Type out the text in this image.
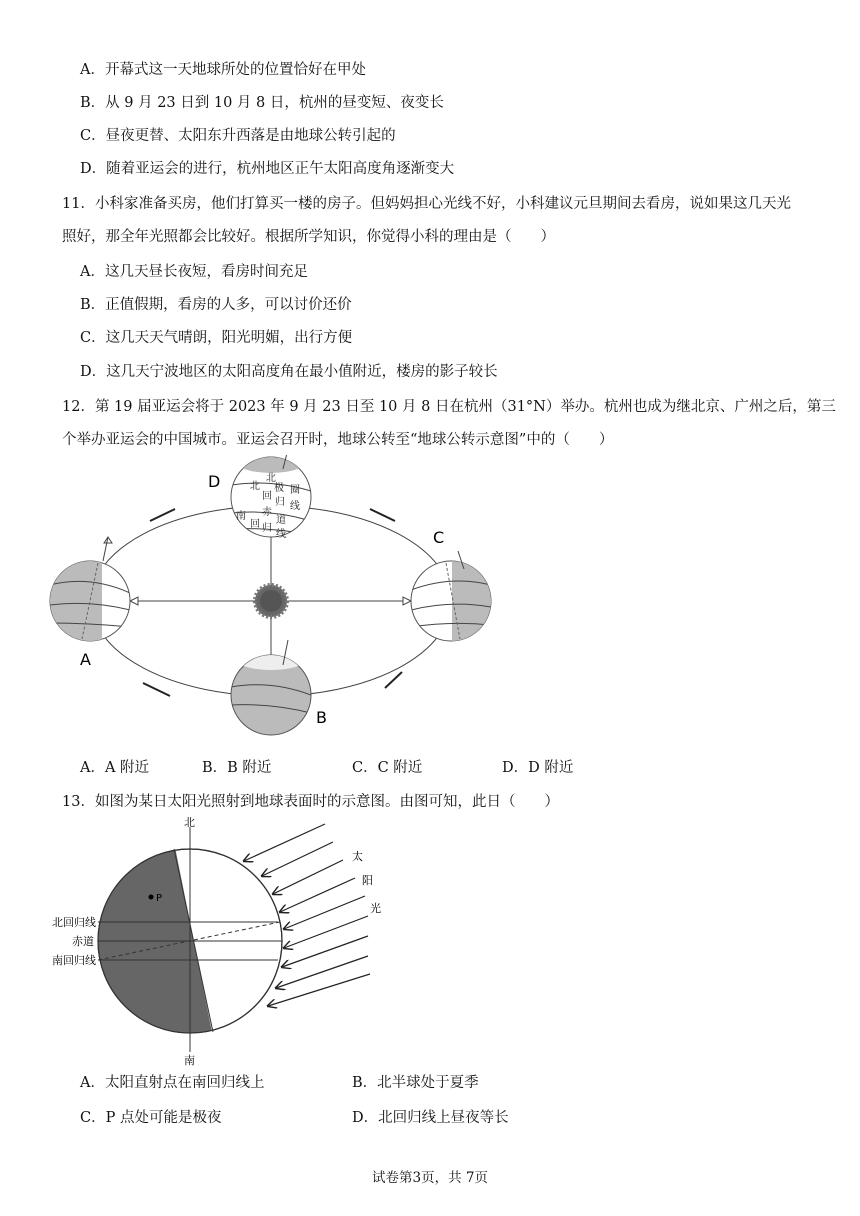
A．开幕式这一天地球所处的位置恰好在甲处
B．从 9 月 23 日到 10 月 8 日，杭州的昼变短、夜变长
C．昼夜更替、太阳东升西落是由地球公转引起的
D．随着亚运会的进行，杭州地区正午太阳高度角逐渐变大
11．小科家准备买房，他们打算买一楼的房子。但妈妈担心光线不好，小科建议元旦期间去看房，说如果这几天光
照好，那全年光照都会比较好。根据所学知识，你觉得小科的理由是（　　）
A．这几天昼长夜短，看房时间充足
B．正值假期，看房的人多，可以讨价还价
C．这几天天气晴朗，阳光明媚，出行方便
D．这几天宁波地区的太阳高度角在最小值附近，楼房的影子较长
12．第 19 届亚运会将于 2023 年 9 月 23 日至 10 月 8 日在杭州（31°N）举办。杭州也成为继北京、广州之后，第三
个举办亚运会的中国城市。亚运会召开时，地球公转至“地球公转示意图”中的（　　）
北
北
极 圈
回
归 线
赤
道
南
回 归
线
A
B
C
D
A．A 附近	B．B 附近	C．C 附近	D．D 附近
13．如图为某日太阳光照射到地球表面时的示意图。由图可知，此日（　　）
北
南
北回归线
赤道
南回归线
P
太
阳
光
A．太阳直射点在南回归线上	B．北半球处于夏季
C．P 点处可能是极夜	D．北回归线上昼夜等长
试卷第3页，共 7页
